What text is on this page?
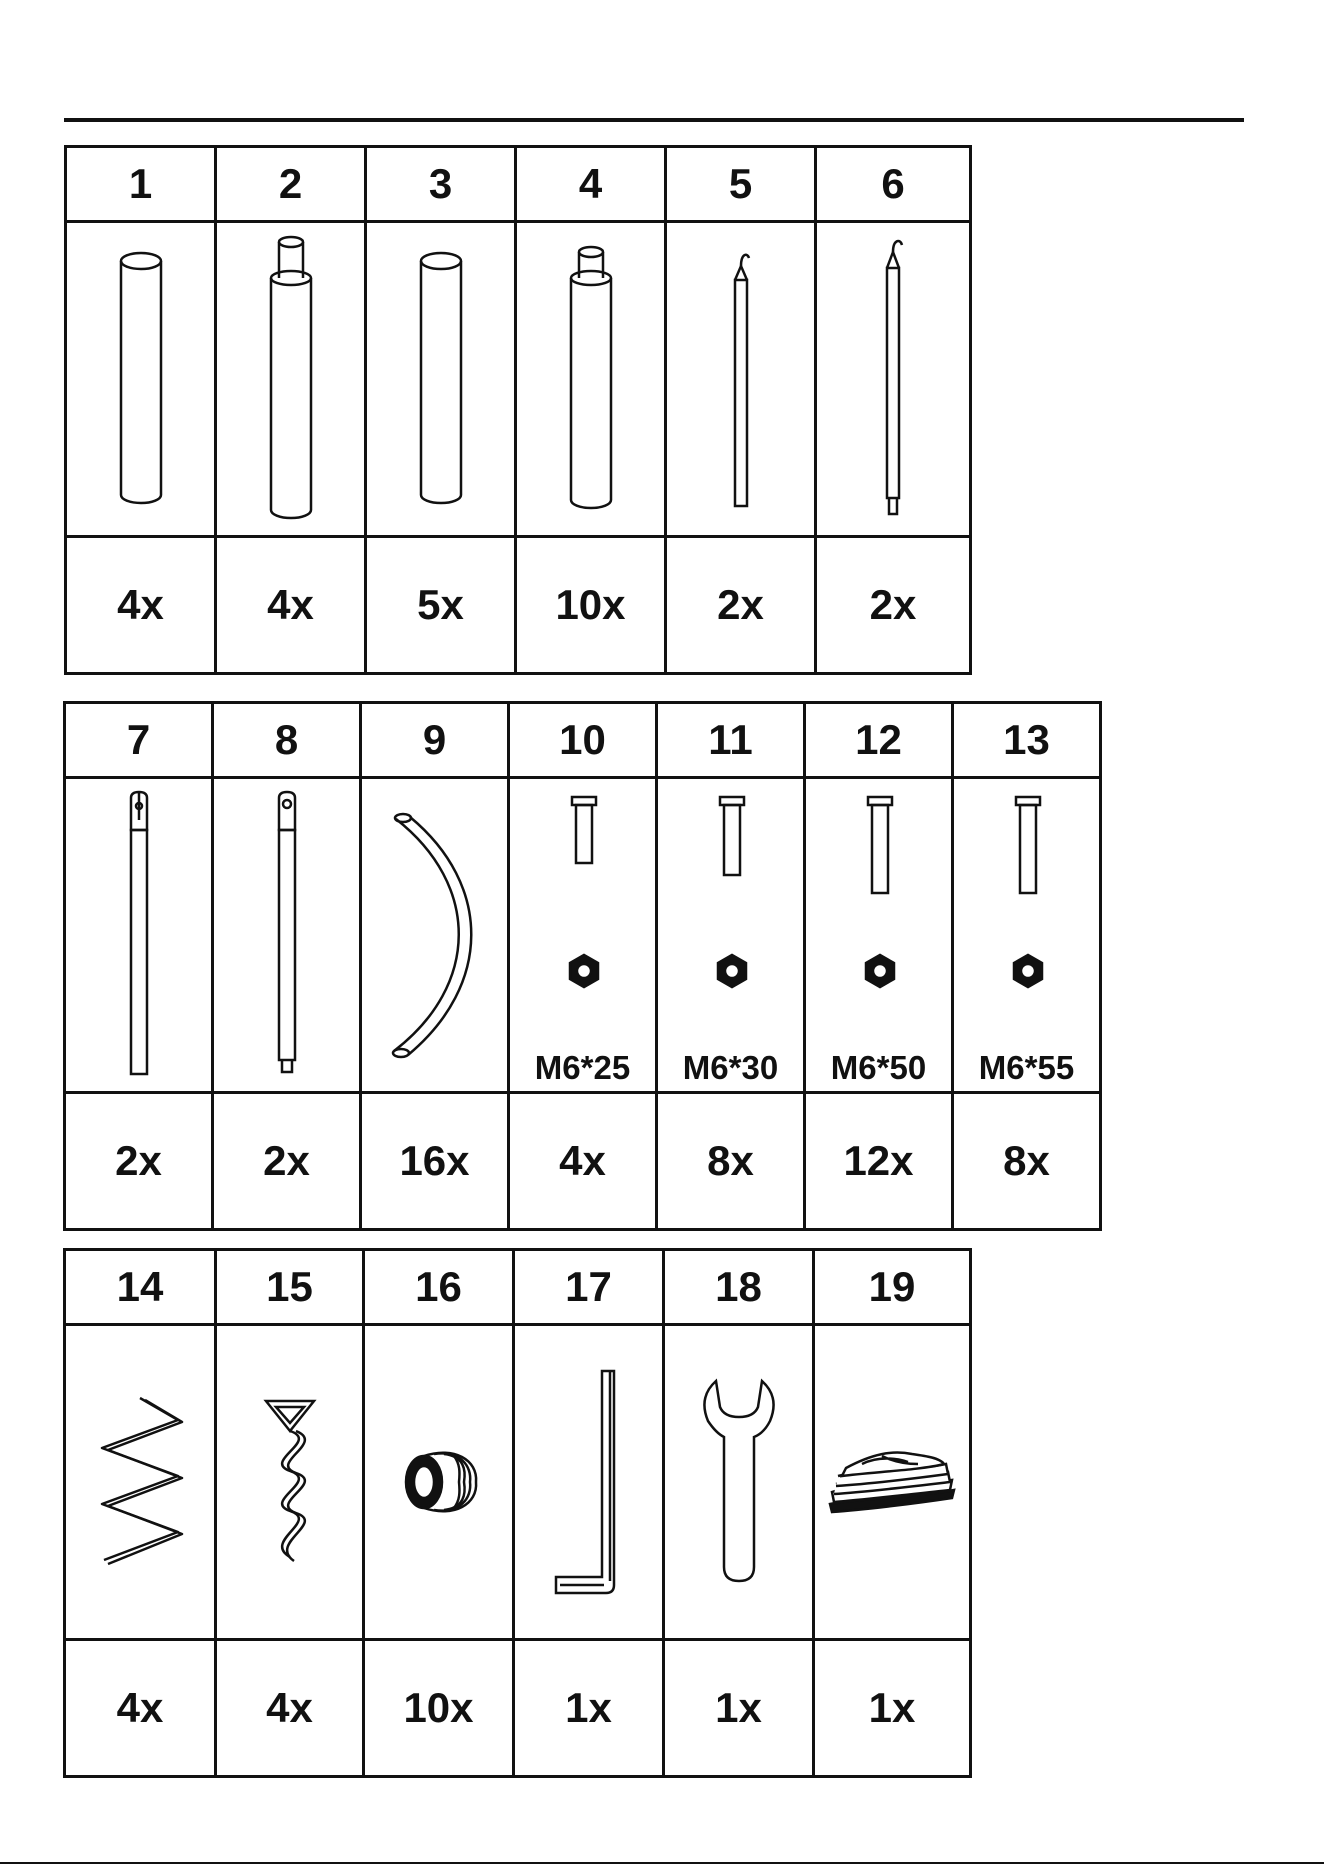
1	2	3	4	5	6

4x	4x	5x	10x	2x	2x
7	8	9	10	11	12	13

M6*25	M6*30	M6*50	M6*55

2x	2x	16x	4x	8x	12x	8x
14	15	16	17	18	19

4x	4x	10x	1x	1x	1x
